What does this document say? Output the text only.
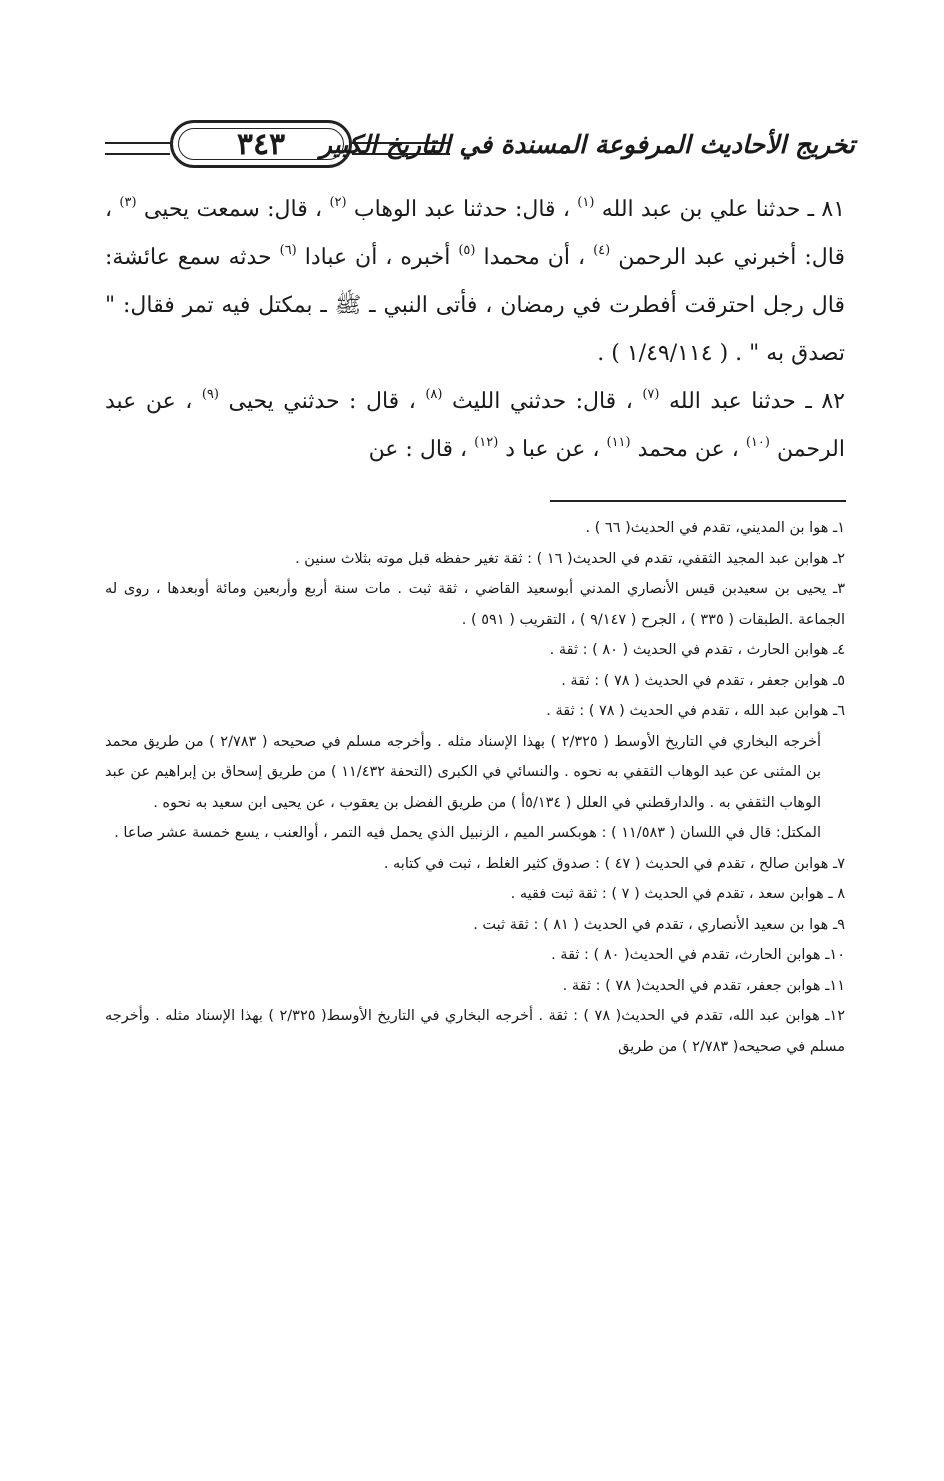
٣٤٣ تخريج الأحاديث المرفوعة المسندة في التاريخ الكبير

٨١ ـ حدثنا علي بن عبد الله $^{(١)}$ ، قال: حدثنا عبد الوهاب $^{(٢)}$ ، قال: سمعت يحيى $^{(٣)}$ ، قال: أخبرني عبد الرحمن $^{(٤)}$ ، أن محمدا $^{(٥)}$ أخبره ، أن عبادا $^{(٦)}$ حدثه سمع عائشة: قال رجل احترقت أفطرت في رمضان ، فأتى النبي ـ ﷺ ـ بمكتل فيه تمر فقال: " تصدق به " . ( ١/٤٩/١١٤ ) .

٨٢ ـ حدثنا عبد الله $^{(٧)}$ ، قال: حدثني الليث $^{(٨)}$ ، قال : حدثني يحيى $^{(٩)}$ ، عن عبد الرحمن $^{(١٠)}$ ، عن محمد $^{(١١)}$ ، عن عبا د $^{(١٢)}$ ، قال : عن

١ـ هوا بن المديني، تقدم في الحديث( ٦٦ ) .

٢ـ هوابن عبد المجيد الثقفي، تقدم في الحديث( ١٦ ) : ثقة تغير حفظه قبل موته بثلاث سنين .

٣ـ يحيى بن سعيدبن قيس الأنصاري المدني أبوسعيد القاضي ، ثقة ثبت . مات سنة أربع وأربعين ومائة أوبعدها ، روى له الجماعة .الطبقات ( ٣٣٥ ) ، الجرح ( ٩/١٤٧ ) ، التقريب ( ٥٩١ ) .

٤ـ هوابن الحارث ، تقدم في الحديث ( ٨٠ ) : ثقة .

٥ـ هوابن جعفر ، تقدم في الحديث ( ٧٨ ) : ثقة .

٦ـ هوابن عبد الله ، تقدم في الحديث ( ٧٨ ) : ثقة .

أخرجه البخاري في التاريخ الأوسط ( ٢/٣٢٥ ) بهذا الإسناد مثله . وأخرجه مسلم في صحيحه ( ٢/٧٨٣ ) من طريق محمد بن المثنى عن عبد الوهاب الثقفي به نحوه . والنسائي في الكبرى (التحفة ١١/٤٣٢ ) من طريق إسحاق بن إبراهيم عن عبد الوهاب الثقفي به . والدارقطني في العلل ( ٥/١٣٤أ ) من طريق الفضل بن يعقوب ، عن يحيى ابن سعيد به نحوه .

المكتل: قال في اللسان ( ١١/٥٨٣ ) : هوبكسر الميم ، الزنبيل الذي يحمل فيه التمر ، أوالعنب ، يسع خمسة عشر صاعا .

٧ـ هوابن صالح ، تقدم في الحديث ( ٤٧ ) : صدوق كثير الغلط ، ثبت في كتابه .

٨ ـ هوابن سعد ، تقدم في الحديث ( ٧ ) : ثقة ثبت فقيه .

٩ـ هوا بن سعيد الأنصاري ، تقدم في الحديث ( ٨١ ) : ثقة ثبت .

١٠ـ هوابن الحارث، تقدم في الحديث( ٨٠ ) : ثقة .

١١ـ هوابن جعفر، تقدم في الحديث( ٧٨ ) : ثقة .

١٢ـ هوابن عبد الله، تقدم في الحديث( ٧٨ ) : ثقة . أخرجه البخاري في التاريخ الأوسط( ٢/٣٢٥ ) بهذا الإسناد مثله . وأخرجه مسلم في صحيحه( ٢/٧٨٣ ) من طريق
